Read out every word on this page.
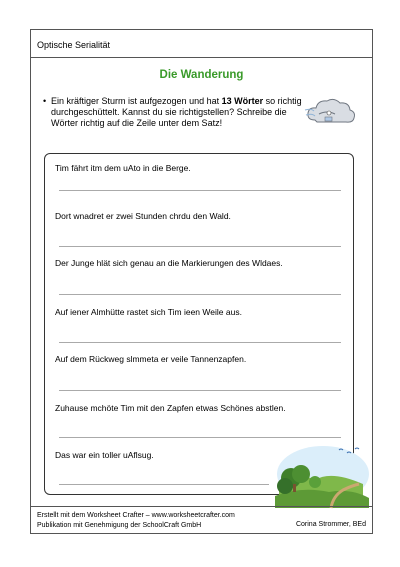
Optische Serialität
Die Wanderung
• Ein kräftiger Sturm ist aufgezogen und hat 13 Wörter so richtig durchgeschüttelt. Kannst du sie richtigstellen? Schreibe die Wörter richtig auf die Zeile unter dem Satz!
Tim fährt itm dem uAto in die Berge.
Dort wnadret er zwei Stunden chrdu den Wald.
Der Junge hlät sich genau an die Markierungen des Wldaes.
Auf iener Almhütte rastet sich Tim ieen Weile aus.
Auf dem Rückweg slmmeta er veile Tannenzapfen.
Zuhause mchöte Tim mit den Zapfen etwas Schönes abstlen.
Das war ein toller uAflsug.
Erstellt mit dem Worksheet Crafter – www.worksheetcrafter.com
Publikation mit Genehmigung der SchoolCraft GmbH	Corina Strommer, BEd
